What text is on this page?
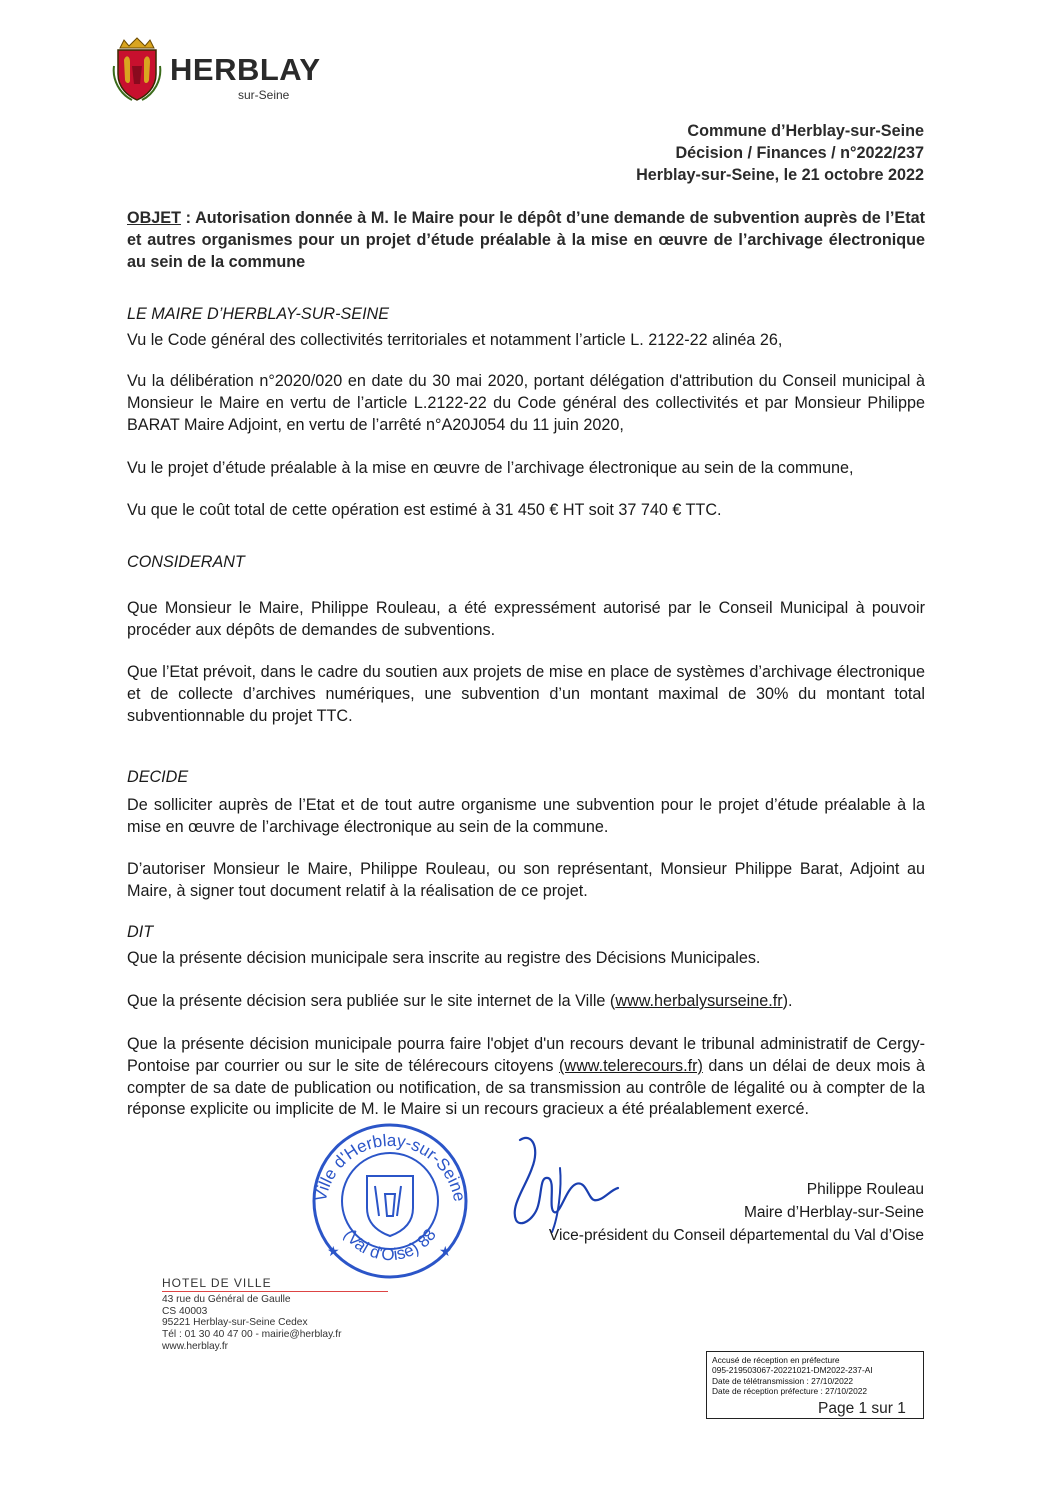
HERBLAY
sur-Seine
Commune d’Herblay-sur-Seine
Décision / Finances / n°2022/237
Herblay-sur-Seine, le 21 octobre 2022
OBJET : Autorisation donnée à M. le Maire pour le dépôt d’une demande de subvention auprès de l’Etat et autres organismes pour un projet d’étude préalable à la mise en œuvre de l’archivage électronique au sein de la commune
LE MAIRE D’HERBLAY-SUR-SEINE
Vu le Code général des collectivités territoriales et notamment l’article L. 2122-22 alinéa 26,
Vu la délibération n°2020/020 en date du 30 mai 2020, portant délégation d'attribution du Conseil municipal à Monsieur le Maire en vertu de l’article L.2122-22 du Code général des collectivités et par Monsieur Philippe BARAT Maire Adjoint, en vertu de l’arrêté n°A20J054 du 11 juin 2020,
Vu le projet d’étude préalable à la mise en œuvre de l’archivage électronique au sein de la commune,
Vu que le coût total de cette opération est estimé à 31 450 € HT soit 37 740 € TTC.
CONSIDERANT
Que Monsieur le Maire, Philippe Rouleau, a été expressément autorisé par le Conseil Municipal à pouvoir procéder aux dépôts de demandes de subventions.
Que l’Etat prévoit, dans le cadre du soutien aux projets de mise en place de systèmes d’archivage électronique et de collecte d’archives numériques, une subvention d’un montant maximal de 30% du montant total subventionnable du projet TTC.
DECIDE
De solliciter auprès de l’Etat et de tout autre organisme une subvention pour le projet d’étude préalable à la mise en œuvre de l’archivage électronique au sein de la commune.
D’autoriser Monsieur le Maire, Philippe Rouleau, ou son représentant, Monsieur Philippe Barat, Adjoint au Maire, à signer tout document relatif à la réalisation de ce projet.
DIT
Que la présente décision municipale sera inscrite au registre des Décisions Municipales.
Que la présente décision sera publiée sur le site internet de la Ville (www.herbalysurseine.fr).
Que la présente décision municipale pourra faire l'objet d'un recours devant le tribunal administratif de Cergy-Pontoise par courrier ou sur le site de télérecours citoyens (www.telerecours.fr) dans un délai de deux mois à compter de sa date de publication ou notification, de sa transmission au contrôle de légalité ou à compter de la réponse explicite ou implicite de M. le Maire si un recours gracieux a été préalablement exercé.
Ville d'Herblay-sur-Seine
(Val d'Oise) 88
★	★
Philippe Rouleau
Maire d’Herblay-sur-Seine
Vice-président du Conseil départemental du Val d’Oise
HOTEL DE VILLE
43 rue du Général de Gaulle
CS 40003
95221 Herblay-sur-Seine Cedex
Tél : 01 30 40 47 00 - mairie@herblay.fr
www.herblay.fr
Accusé de réception en préfecture
095-219503067-20221021-DM2022-237-AI
Date de télétransmission : 27/10/2022
Date de réception préfecture : 27/10/2022
Page 1 sur 1
